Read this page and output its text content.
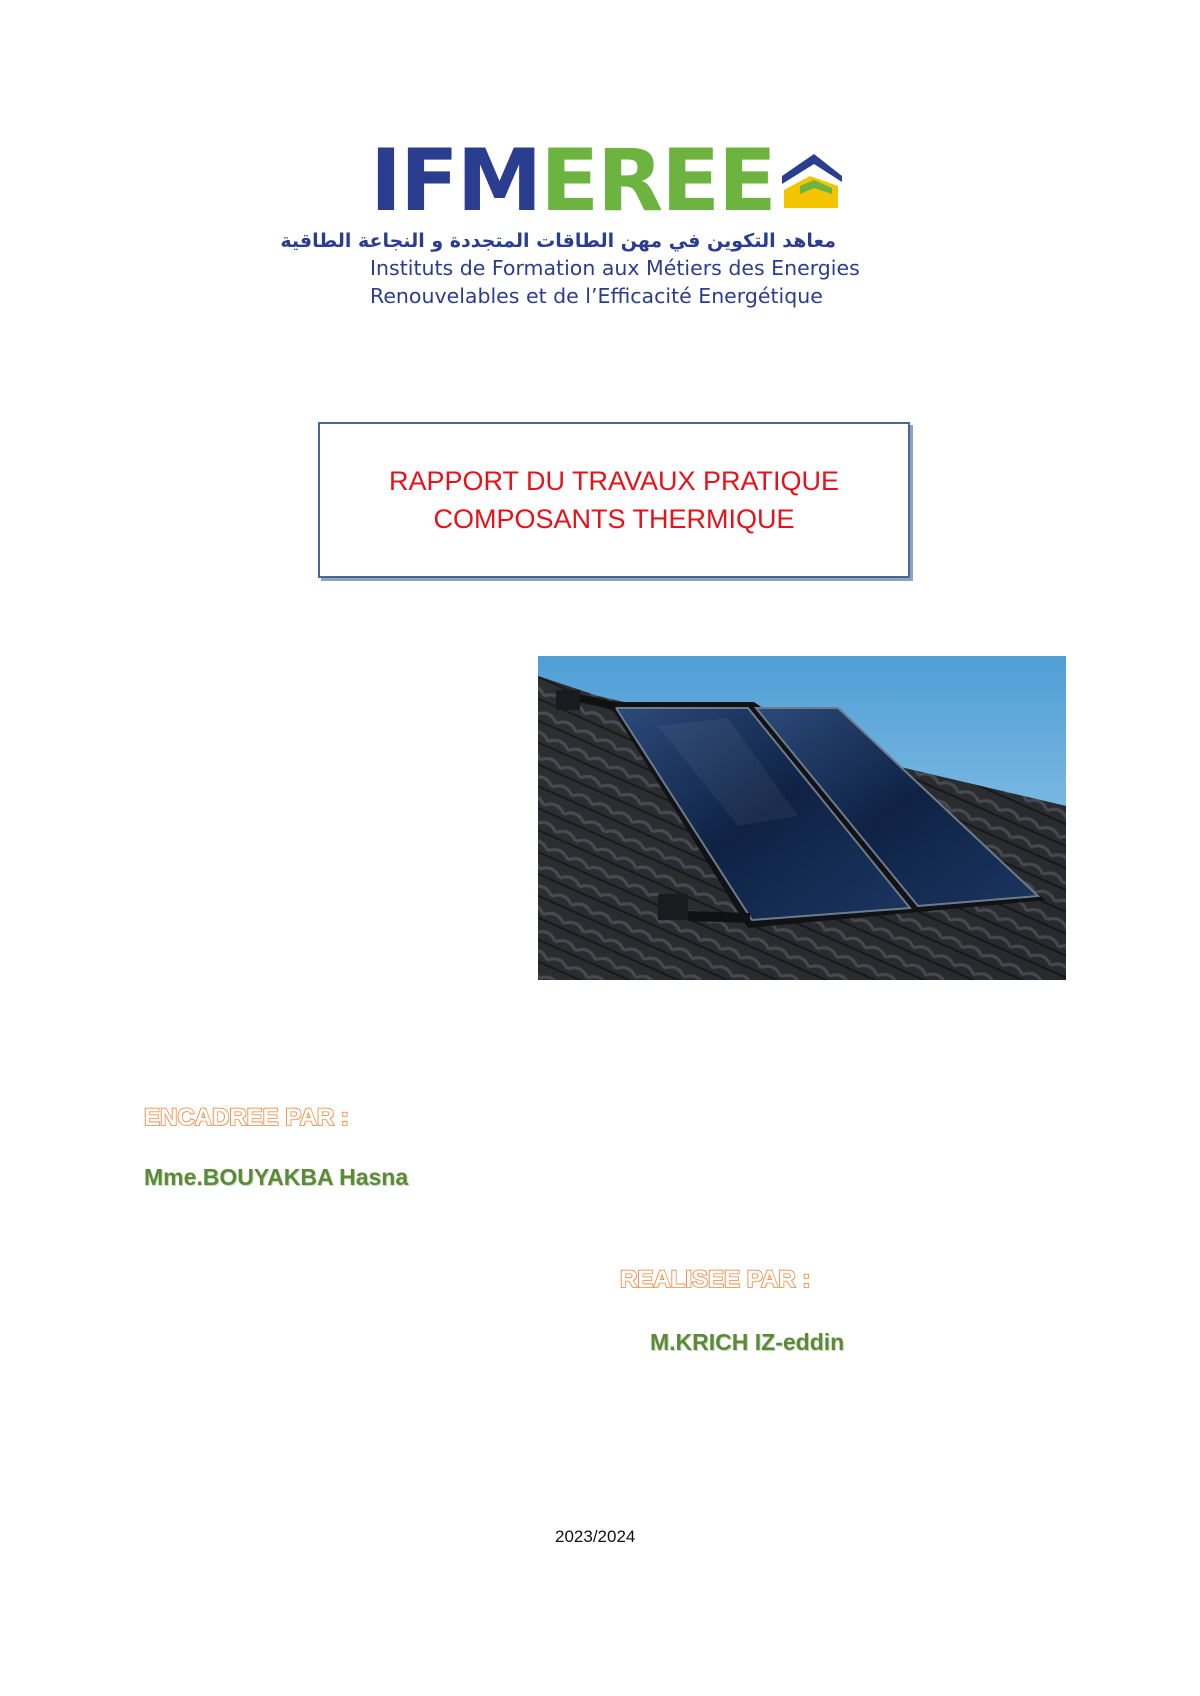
IFMEREE
معاهد التكوين في مهن الطاقات المتجددة و النجاعة الطاقية
Instituts de Formation aux Métiers des Energies
Renouvelables et de l’Efficacité Energétique
RAPPORT DU TRAVAUX PRATIQUE
COMPOSANTS THERMIQUE
ENCADREE PAR :
Mme.BOUYAKBA Hasna
REALISEE PAR :
M.KRICH IZ-eddin
2023/2024
